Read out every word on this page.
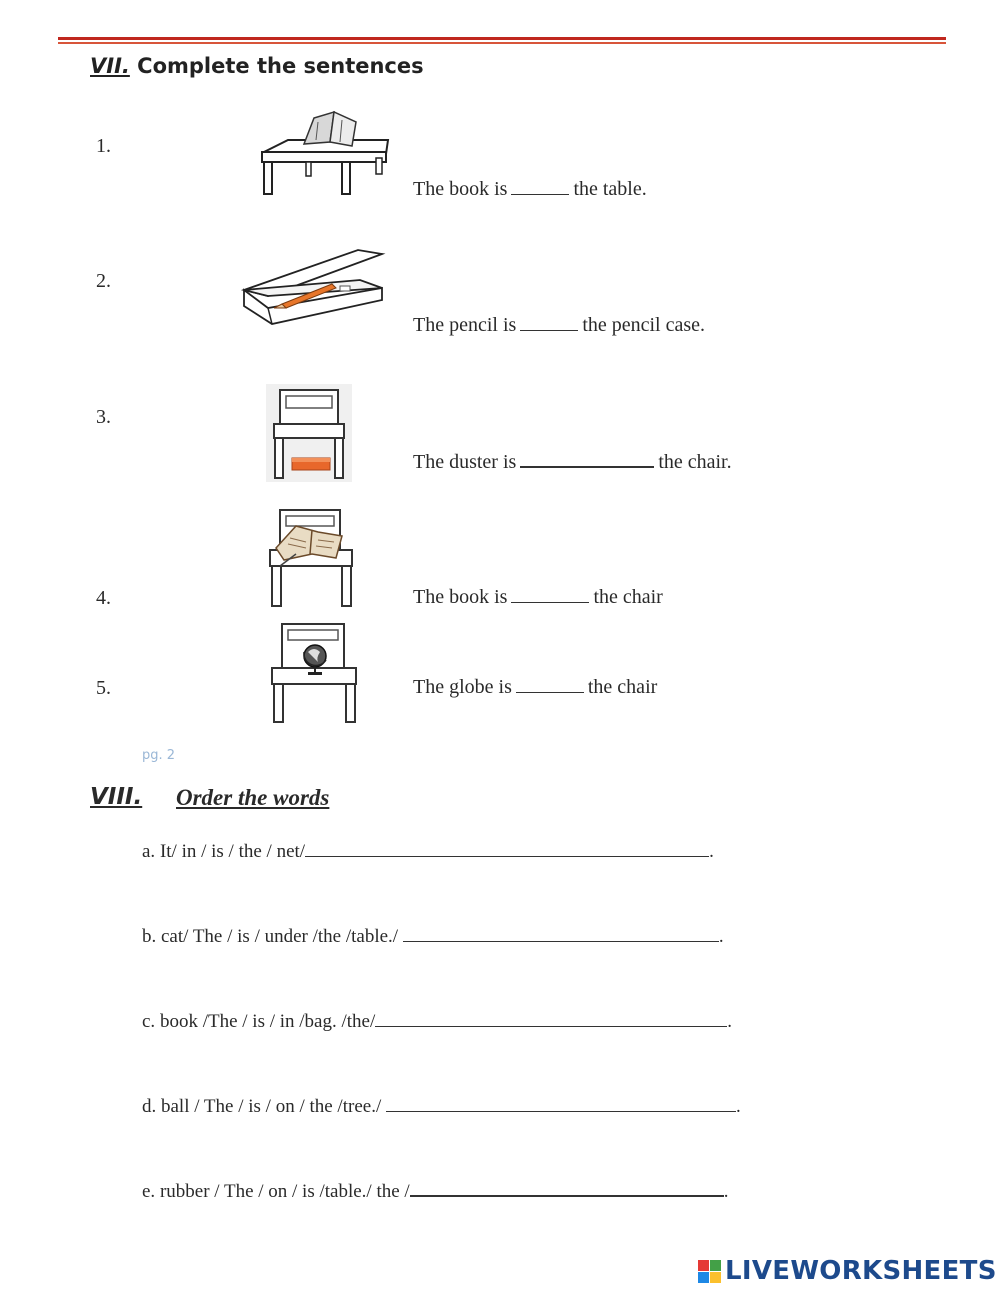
VII. Complete the sentences
1.
The book is	the table.
2.
The pencil is	the pencil case.
3.
The duster is	the chair.
4.	The book is	the chair
5.	The globe is	the chair
pg. 2
VIII. Order the words
a. It/ in / is / the / net/	.
b. cat/ The / is / under /the /table./	.
c. book /The / is / in /bag. /the/	.
d. ball / The / is / on / the /tree./	.
e. rubber / The / on / is /table./ the /	.
LIVEWORKSHEETS
